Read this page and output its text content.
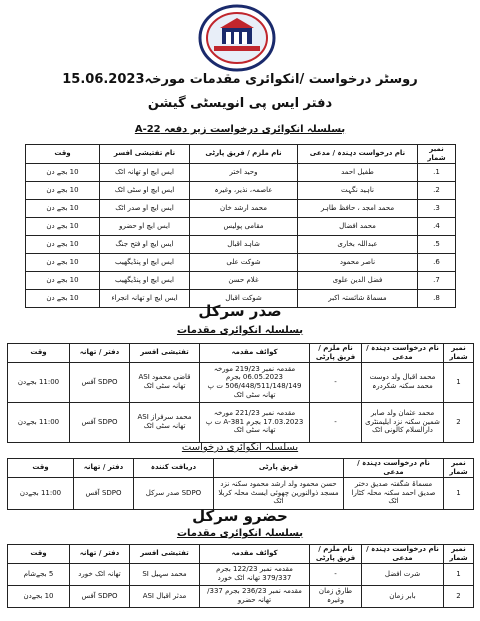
روسٹر درخواست /انکوائری مقدمات مورخہ15.06.2023
دفتر ایس پی انویسٹی گیشن
بسلسلہ انکوائری درخواست زیر دفعہ A-22
نمبر شمار	نام درخواست دہندہ / مدعی	نام ملزم / فریق پارٹی	نام تفتیشی افسر	وقت
1.	طفیل احمد	وحید اختر	ایس ایچ او تھانہ اٹک	10 بجے دن
2.	ناہید نگہت	عاصمہ، نذیر، وغیرہ	ایس ایچ او سٹی اٹک	10 بجے دن
3.	محمد امجد ، حافظ طاہر	محمد ارشد خان	ایس ایچ او صدر اٹک	10 بجے دن
4.	محمد افضال	مقامی پولیس	ایس ایچ او حضرو	10 بجے دن
5.	عبداللہ بخاری	شاہد اقبال	ایس ایچ او فتح جنگ	10 بجے دن
6.	ناصر محمود	شوکت علی	ایس ایچ او پنڈیگھیب	10 بجے دن
7.	فضل الدین علوی	غلام حسن	ایس ایچ او پنڈیگھیب	10 بجے دن
8.	مسماۃ شائستہ اکبر	شوکت اقبال	ایس ایچ او تھانہ انجراء	10 بجے دن
صدر سرکل
بسلسلہ انکوائری مقدمات
نمبر شمار	نام درخواست دہندہ / مدعی	نام ملزم / فریق پارٹی	کوائف مقدمہ	تفتیشی افسر	دفتر / تھانہ	وقت
1	محمد اقبال ولد دوست محمد سکنہ شکردرہ	-	مقدمہ نمبر 219/23 مورخہ 06.05.2023 بجرم 506/448/511/148/149 ت پ تھانہ سٹی اٹک	قاضی محمود ASI تھانہ سٹی اٹک	SDPO آفس	11:00 بجےدن
2	محمد عثمان ولد صابر شمین سکنہ نزد ایلیمنٹری دارالسلام کالونی اٹک	-	مقدمہ نمبر 221/23 مورخہ 17.03.2023 بجرم 381-A ت پ تھانہ سٹی اٹک	محمد سرفراز ASI تھانہ سٹی اٹک	SDPO آفس	11:00 بجےدن
بسلسلہ انکوائری درخواست
نمبر شمار	نام درخواست دہندہ / مدعی	فریق پارٹی	دریافت کنندہ	دفتر / تھانہ	وقت
1	مسماۃ شگفتہ صدیق دختر صدیق احمد سکنہ محلہ کٹارا اٹک	حسن محمود ولد ارشد محمود سکنہ نزد مسجد ذوالنورین چھوئی ایسٹ محلہ کربلا اٹک	SDPO صدر سرکل	SDPO آفس	11:00 بجےدن
حضرو سرکل
بسلسلہ انکوائری مقدمات
نمبر شمار	نام درخواست دہندہ / مدعی	نام ملزم / فریق پارٹی	کوائف مقدمہ	تفتیشی افسر	دفتر / تھانہ	وقت
1	شرت افضل	-	مقدمہ نمبر 122/23 بجرم 379/337 تھانہ اٹک خورد	محمد سہیل SI	تھانہ اٹک خورد	5 بجےشام
2	بابر زمان	طارق زمان وغیرہ	مقدمہ نمبر 236/23 بجرم 337/ تھانہ حضرو	مدثر اقبال ASI	SDPO آفس	10 بجےدن
